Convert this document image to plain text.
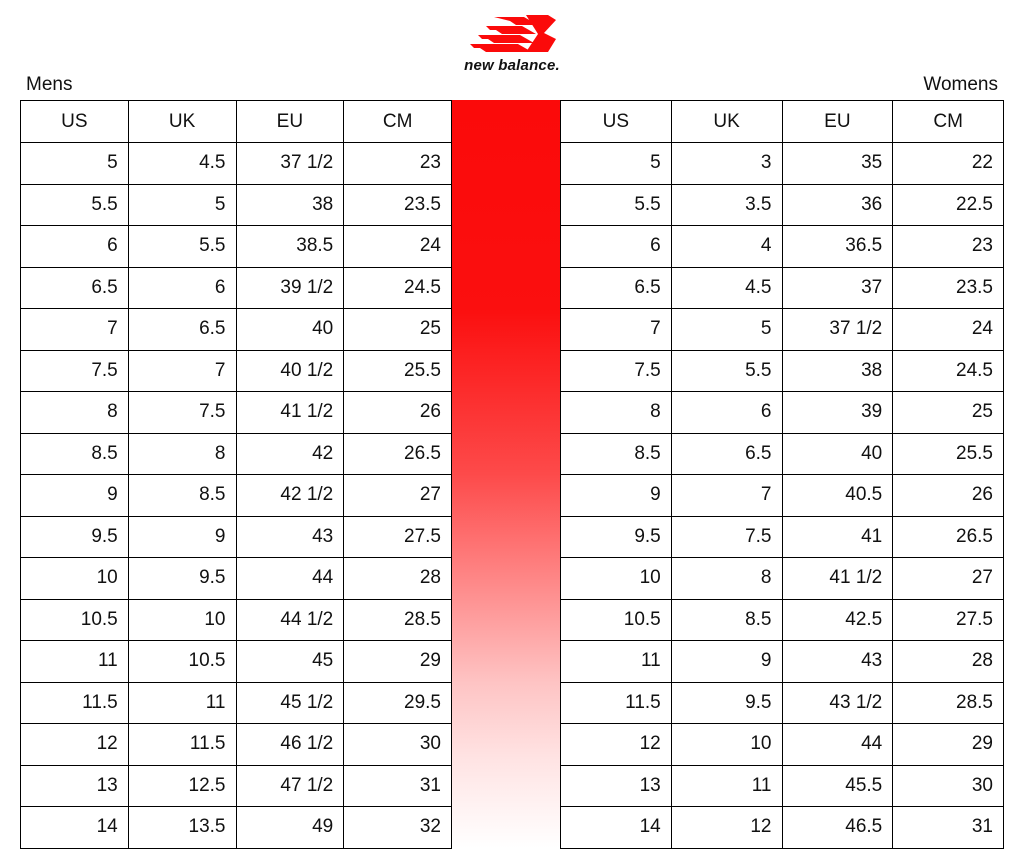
new balance.
Mens	Womens
US	UK	EU	CM
5	4.5	37 1/2	23
5.5	5	38	23.5
6	5.5	38.5	24
6.5	6	39 1/2	24.5
7	6.5	40	25
7.5	7	40 1/2	25.5
8	7.5	41 1/2	26
8.5	8	42	26.5
9	8.5	42 1/2	27
9.5	9	43	27.5
10	9.5	44	28
10.5	10	44 1/2	28.5
11	10.5	45	29
11.5	11	45 1/2	29.5
12	11.5	46 1/2	30
13	12.5	47 1/2	31
14	13.5	49	32
US	UK	EU	CM
5	3	35	22
5.5	3.5	36	22.5
6	4	36.5	23
6.5	4.5	37	23.5
7	5	37 1/2	24
7.5	5.5	38	24.5
8	6	39	25
8.5	6.5	40	25.5
9	7	40.5	26
9.5	7.5	41	26.5
10	8	41 1/2	27
10.5	8.5	42.5	27.5
11	9	43	28
11.5	9.5	43 1/2	28.5
12	10	44	29
13	11	45.5	30
14	12	46.5	31
